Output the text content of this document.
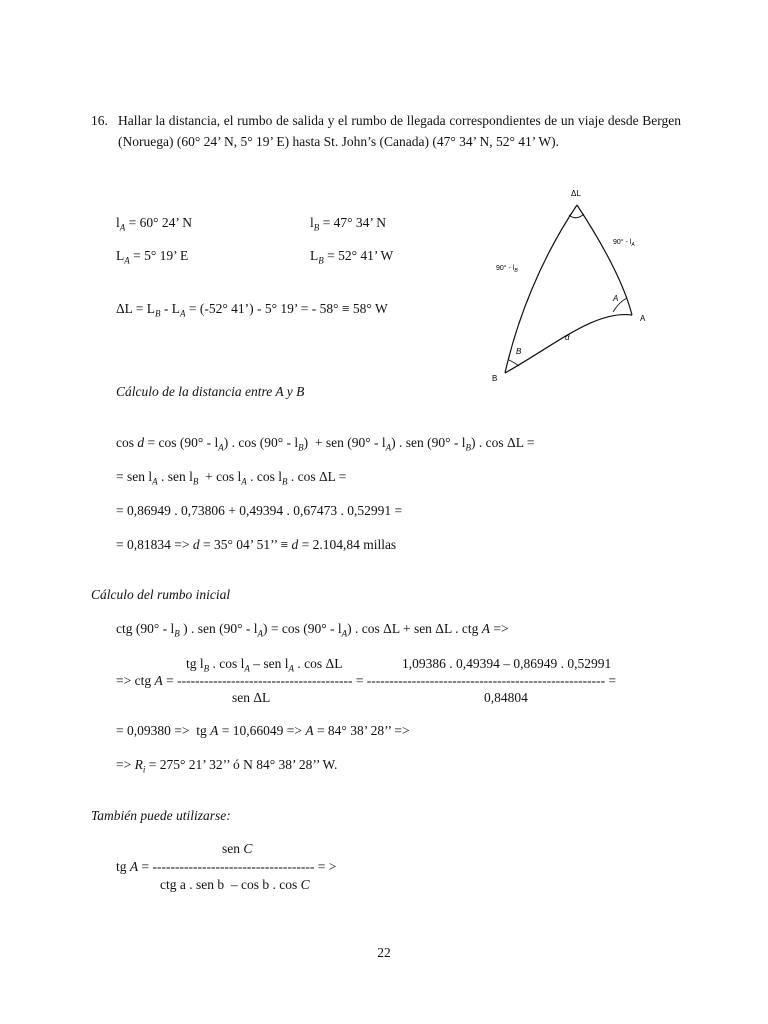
16. Hallar la distancia, el rumbo de salida y el rumbo de llegada correspondientes de un viaje desde Bergen (Noruega) (60° 24’ N, 5° 19’ E) hasta St. John’s (Canada) (47° 34’ N, 52° 41’ W).
$l_A = 60^\circ$ 24’ N	$l_B = 47^\circ$ 34’ N
$L_A = 5^\circ$ 19’ E	$L_B = 52^\circ$ 41’ W
$\Delta L = L_B - L_A = (-52^\circ$ 41’) - 5° 19’ = - 58° ≡ 58° W
ΔL
A
B
A
B
d
$90^\circ - l_A$
$90^\circ - l_B$
Cálculo de la distancia entre A y B
$\cos d = \cos (90^\circ - l_A)$ . $\cos (90^\circ - l_B)$  + sen $(90^\circ - l_A)$ . sen $(90^\circ - l_B)$ . cos ΔL =
= sen $l_A$ . sen $l_B + \cos l_A$ . $\cos l_B$ . cos ΔL =
= 0,86949 . 0,73806 + 0,49394 . 0,67473 . 0,52991 =
= 0,81834 => d = 35° 04’ 51’’ ≡ d = 2.104,84 millas
Cálculo del rumbo inicial
ctg ($90^\circ - l_B$ ) . sen $(90^\circ - l_A) = \cos (90^\circ - l_A)$ . cos ΔL + sen ΔL . ctg A =>
tg $l_B$ . $\cos l_A$ – sen $l_A$ . cos ΔL	1,09386 . 0,49394 – 0,86949 . 0,52991
=> ctg A = --------------------------------------- = ----------------------------------------------------- =
sen ΔL	0,84804
= 0,09380 =>  tg A = 10,66049 => A = 84° 38’ 28’’ =>
=> $R_i = 275^\circ$ 21’ 32’’ ó N 84° 38’ 28’’ W.
También puede utilizarse:
sen C
tg A = ------------------------------------ = >
ctg a . sen b  – cos b . cos C
22
